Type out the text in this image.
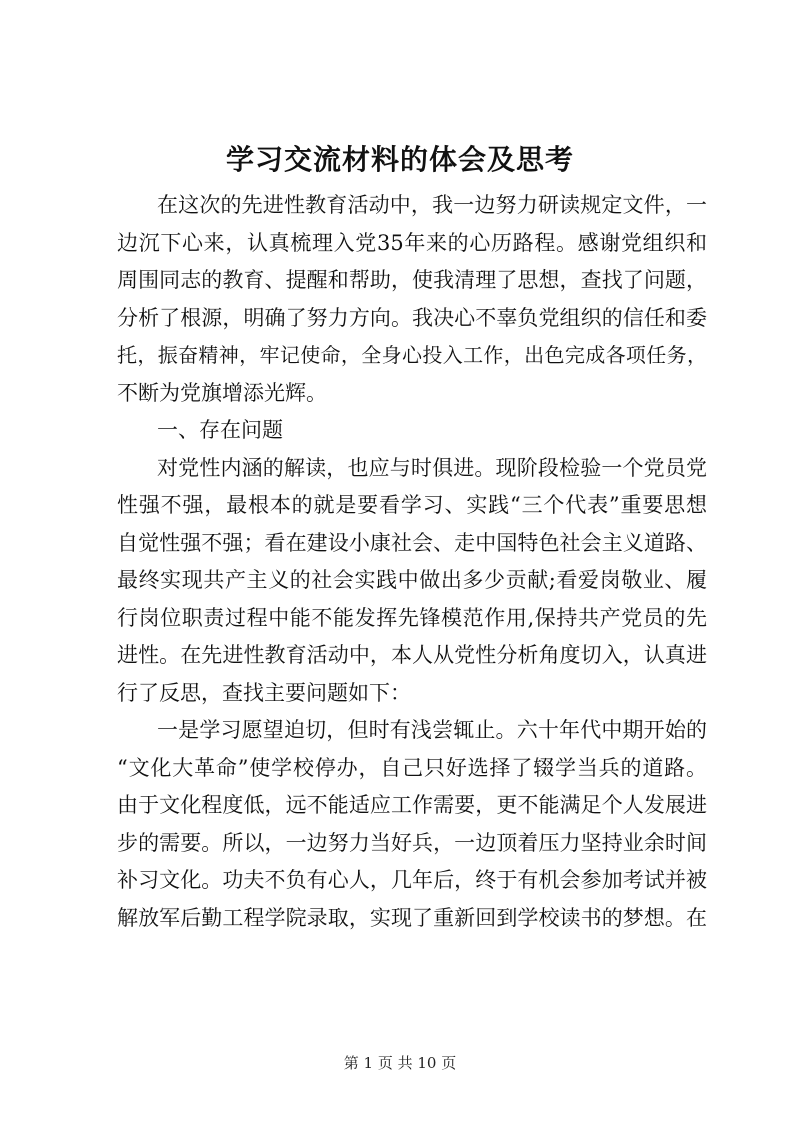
学习交流材料的体会及思考
在这次的先进性教育活动中，我一边努力研读规定文件，一
边沉下心来，认真梳理入党35年来的心历路程。感谢党组织和
周围同志的教育、提醒和帮助，使我清理了思想，查找了问题，
分析了根源，明确了努力方向。我决心不辜负党组织的信任和委
托，振奋精神，牢记使命，全身心投入工作，出色完成各项任务，
不断为党旗增添光辉。
一、存在问题
对党性内涵的解读，也应与时俱进。现阶段检验一个党员党
性强不强，最根本的就是要看学习、实践“三个代表”重要思想
自觉性强不强；看在建设小康社会、走中国特色社会主义道路、
最终实现共产主义的社会实践中做出多少贡献;看爱岗敬业、履
行岗位职责过程中能不能发挥先锋模范作用,保持共产党员的先
进性。在先进性教育活动中，本人从党性分析角度切入，认真进
行了反思，查找主要问题如下：
一是学习愿望迫切，但时有浅尝辄止。六十年代中期开始的
“文化大革命”使学校停办，自己只好选择了辍学当兵的道路。
由于文化程度低，远不能适应工作需要，更不能满足个人发展进
步的需要。所以，一边努力当好兵，一边顶着压力坚持业余时间
补习文化。功夫不负有心人，几年后，终于有机会参加考试并被
解放军后勤工程学院录取，实现了重新回到学校读书的梦想。在
第 1 页 共 10 页
